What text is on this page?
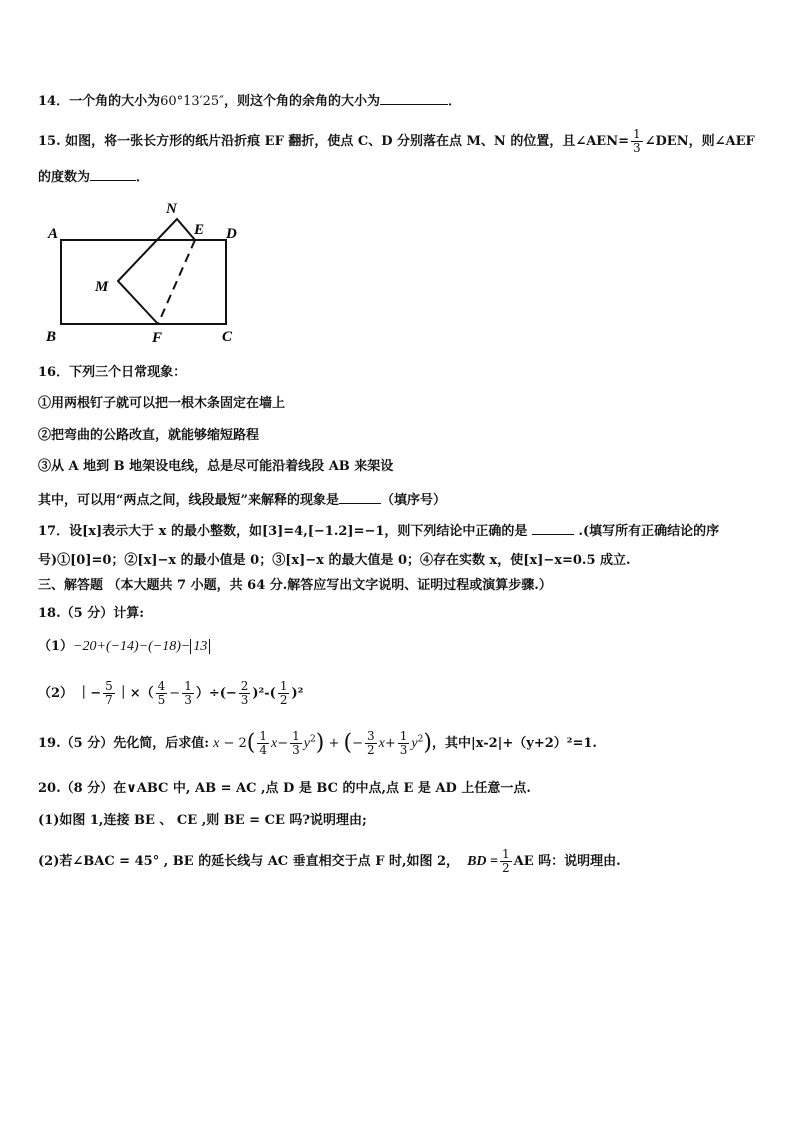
14．一个角的大小为60°13′25″，则这个角的余角的大小为	．
15. 如图，将一张长方形的纸片沿折痕 EF 翻折，使点 C、D 分别落在点 M、N 的位置，且∠AEN= $\frac{1}{3}$ ∠DEN，则∠AEF
的度数为	．
A
B	C
D
E
F
M
N
16．下列三个日常现象：
①用两根钉子就可以把一根木条固定在墙上
②把弯曲的公路改直，就能够缩短路程
③从 A 地到 B 地架设电线，总是尽可能沿着线段 AB 来架设
其中，可以用“两点之间，线段最短”来解释的现象是	（填序号）
17．设[x]表示大于 x 的最小整数，如[3]=4,[−1.2]=−1，则下列结论中正确的是	.(填写所有正确结论的序
号)①[0]=0；②[x]−x 的最小值是 0；③[x]−x 的最大值是 0；④存在实数 x，使[x]−x=0.5 成立.
三、解答题 （本大题共 7 小题，共 64 分.解答应写出文字说明、证明过程或演算步骤.）
18.（5 分）计算:
（1）−20+(−14)−(−18)− 13
（2） ｜− $\frac{5}{7}$ ｜×（ $\frac{4}{5} - \frac{1}{3}$ ）÷(− $\frac{2}{3} )^2-( \frac{1}{2} )^2$
19.（5 分）先化简，后求值: $x - 2( \frac{1}{4} x- \frac{1}{3} y^2)$ + (− $\frac{3}{2} x+ \frac{1}{3} y^2$)，其中|x-2|+（y+2）²=1.
20.（8 分）在∨ABC 中, AB = AC ,点 D 是 BC 的中点,点 E 是 AD 上任意一点.
(1)如图 1,连接 BE 、 CE ,则 BE = CE 吗?说明理由;
(2)若∠BAC = 45° , BE 的延长线与 AC 垂直相交于点 F 时,如图 2， BD = $\frac{1}{2}$ AE 吗：说明理由.
